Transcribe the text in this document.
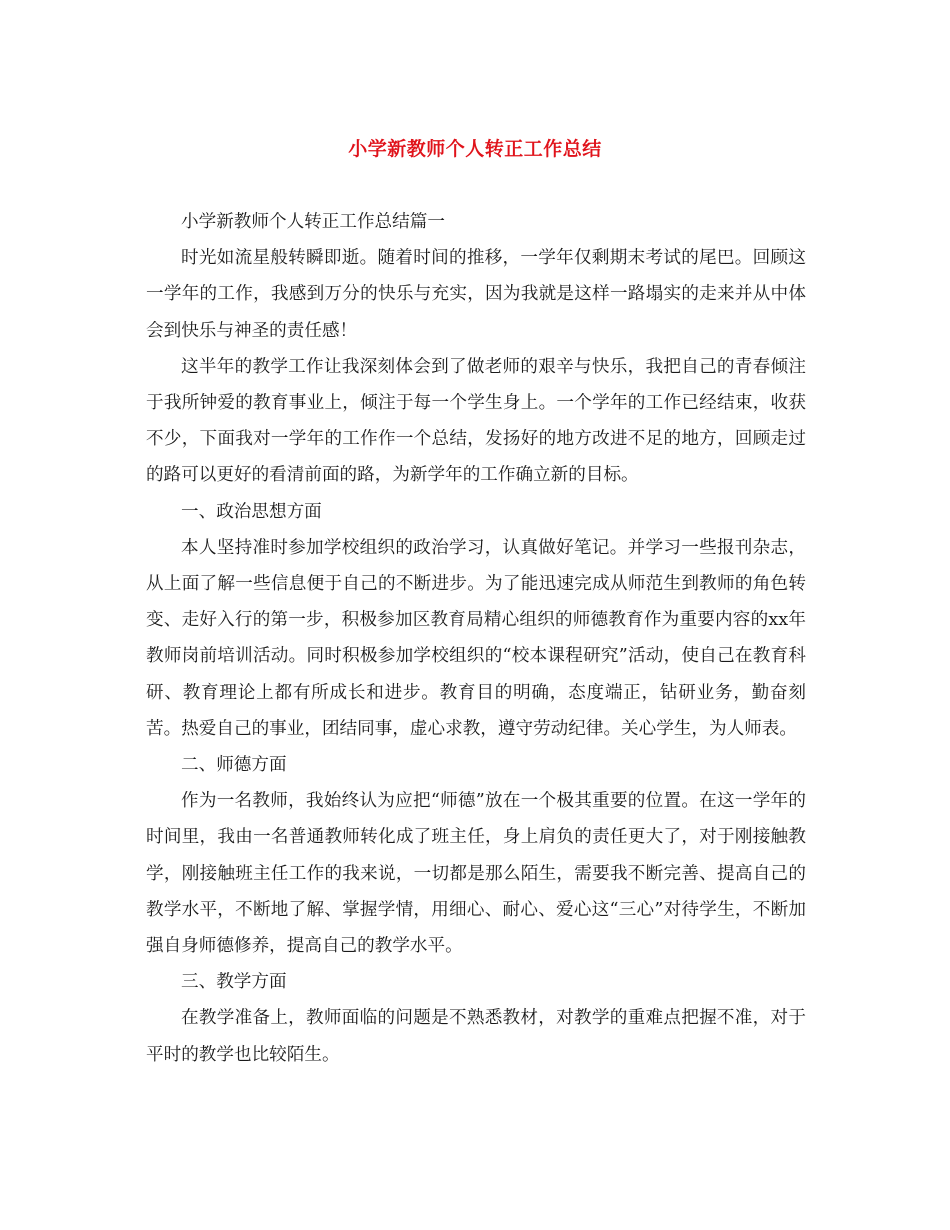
小学新教师个人转正工作总结

小学新教师个人转正工作总结篇一

时光如流星般转瞬即逝。随着时间的推移，一学年仅剩期末考试的尾巴。回顾这一学年的工作，我感到万分的快乐与充实，因为我就是这样一路塌实的走来并从中体会到快乐与神圣的责任感！

这半年的教学工作让我深刻体会到了做老师的艰辛与快乐，我把自己的青春倾注于我所钟爱的教育事业上，倾注于每一个学生身上。一个学年的工作已经结束，收获不少，下面我对一学年的工作作一个总结，发扬好的地方改进不足的地方，回顾走过的路可以更好的看清前面的路，为新学年的工作确立新的目标。

一、政治思想方面

本人坚持准时参加学校组织的政治学习，认真做好笔记。并学习一些报刊杂志，从上面了解一些信息便于自己的不断进步。为了能迅速完成从师范生到教师的角色转变、走好入行的第一步，积极参加区教育局精心组织的师德教育作为重要内容的xx年教师岗前培训活动。同时积极参加学校组织的“校本课程研究”活动，使自己在教育科研、教育理论上都有所成长和进步。教育目的明确，态度端正，钻研业务，勤奋刻苦。热爱自己的事业，团结同事，虚心求教，遵守劳动纪律。关心学生，为人师表。

二、师德方面

作为一名教师，我始终认为应把“师德”放在一个极其重要的位置。在这一学年的时间里，我由一名普通教师转化成了班主任，身上肩负的责任更大了，对于刚接触教学，刚接触班主任工作的我来说，一切都是那么陌生，需要我不断完善、提高自己的教学水平，不断地了解、掌握学情，用细心、耐心、爱心这“三心”对待学生，不断加强自身师德修养，提高自己的教学水平。

三、教学方面

在教学准备上，教师面临的问题是不熟悉教材，对教学的重难点把握不准，对于平时的教学也比较陌生。
